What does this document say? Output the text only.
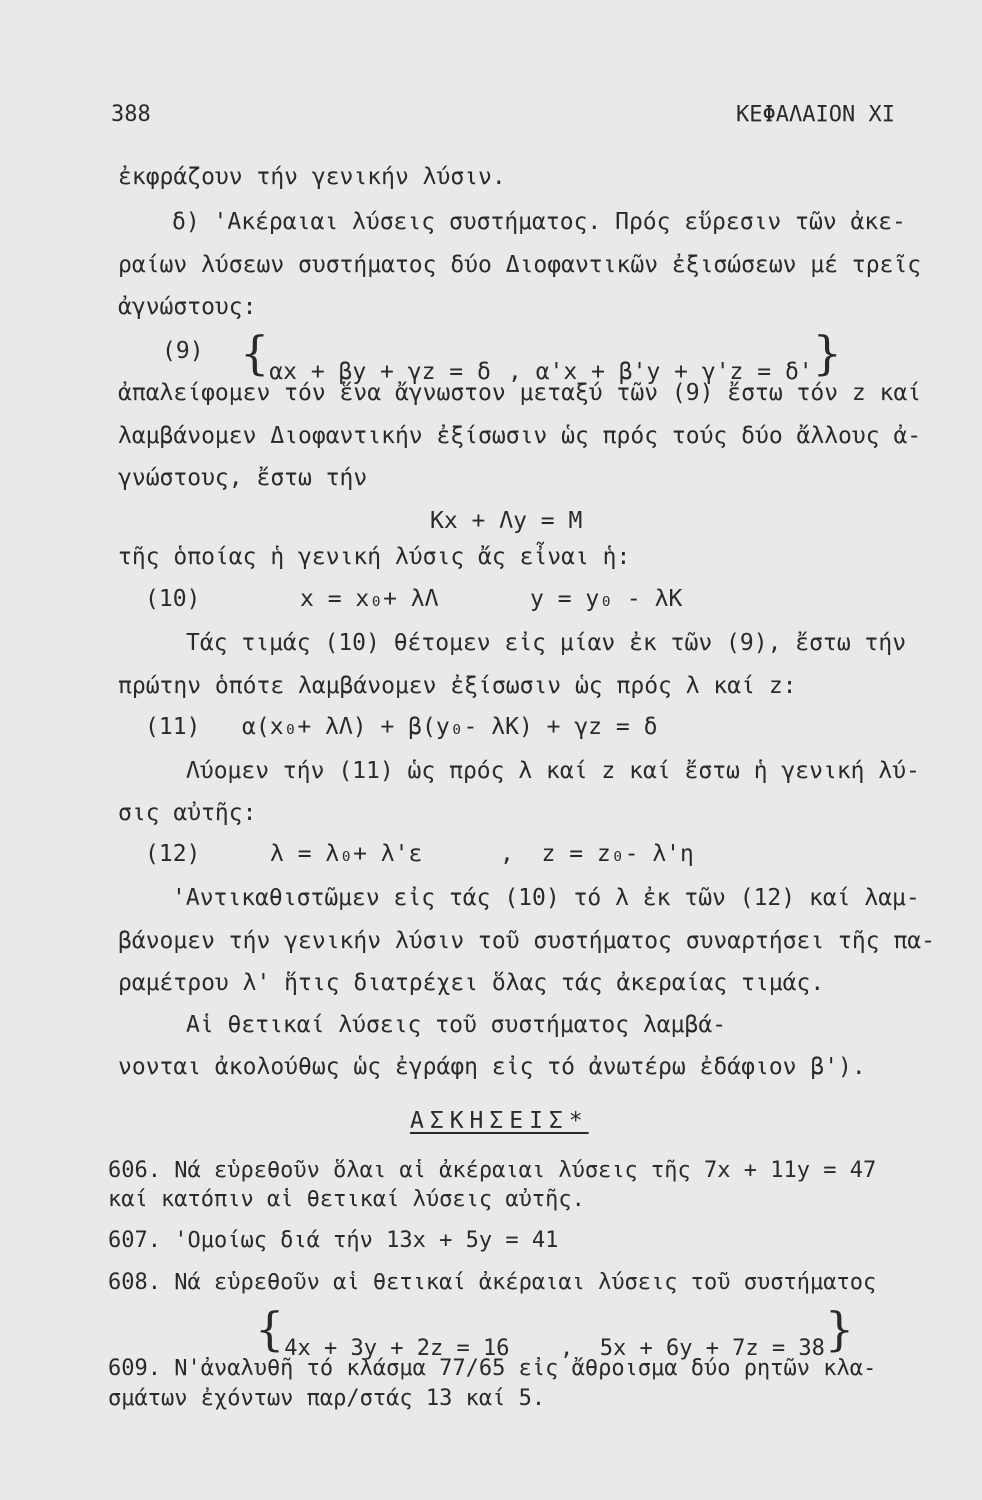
388	ΚΕΦΑΛΑΙΟΝ ΧΙ
ἐκφράζουν τήν γενικήν λύσιν.
δ) 'Ακέραιαι λύσεις συστήματος. Πρός εὕρεσιν τῶν ἀκε-
ραίων λύσεων συστήματος δύο Διοφαντικῶν ἐξισώσεων μέ τρεῖς
ἀγνώστους:
(9) {αx + βy + γz = δ , α'x + β'y + γ'z = δ'}
ἀπαλείφομεν τόν ἕνα ἄγνωστον μεταξύ τῶν (9) ἔστω τόν z καί
λαμβάνομεν Διοφαντικήν ἐξίσωσιν ὡς πρός τούς δύο ἄλλους ἀ-
γνώστους, ἔστω τήν
Kx + Λy = M
τῆς ὁποίας ἡ γενική λύσις ἄς εἶναι ἡ:
(10)	x = x₀+ λΛ	y = y₀ - λK
Τάς τιμάς (10) θέτομεν εἰς μίαν ἐκ τῶν (9), ἔστω τήν
πρώτην ὁπότε λαμβάνομεν ἐξίσωσιν ὡς πρός λ καί z:
(11) α(x₀+ λΛ) + β(y₀- λK) + γz = δ
Λύομεν τήν (11) ὡς πρός λ καί z καί ἔστω ἡ γενική λύ-
σις αὐτῆς:
(12)	λ = λ₀+ λ'ε	,  z = z₀- λ'η
'Αντικαθιστῶμεν εἰς τάς (10) τό λ ἐκ τῶν (12) καί λαμ-
βάνομεν τήν γενικήν λύσιν τοῦ συστήματος συναρτήσει τῆς πα-
ραμέτρου λ' ἥτις διατρέχει ὅλας τάς ἀκεραίας τιμάς.
Αἱ θετικαί λύσεις τοῦ συστήματος λαμβά-
νονται ἀκολούθως ὡς ἐγράφη εἰς τό ἀνωτέρω ἐδάφιον β').
ΑΣΚΗΣΕΙΣ*
606. Νά εὑρεθοῦν ὅλαι αἱ ἀκέραιαι λύσεις τῆς 7x + 11y = 47
καί κατόπιν αἱ θετικαί λύσεις αὐτῆς.
607. 'Ομοίως διά τήν 13x + 5y = 41
608. Νά εὑρεθοῦν αἱ θετικαί ἀκέραιαι λύσεις τοῦ συστήματος
{4x + 3y + 2z = 16 ,  5x + 6y + 7z = 38}
609. Ν'ἀναλυθῆ τό κλάσμα 77/65 εἰς ἄθροισμα δύο ρητῶν κλα-
σμάτων ἐχόντων παρ/στάς 13 καί 5.
